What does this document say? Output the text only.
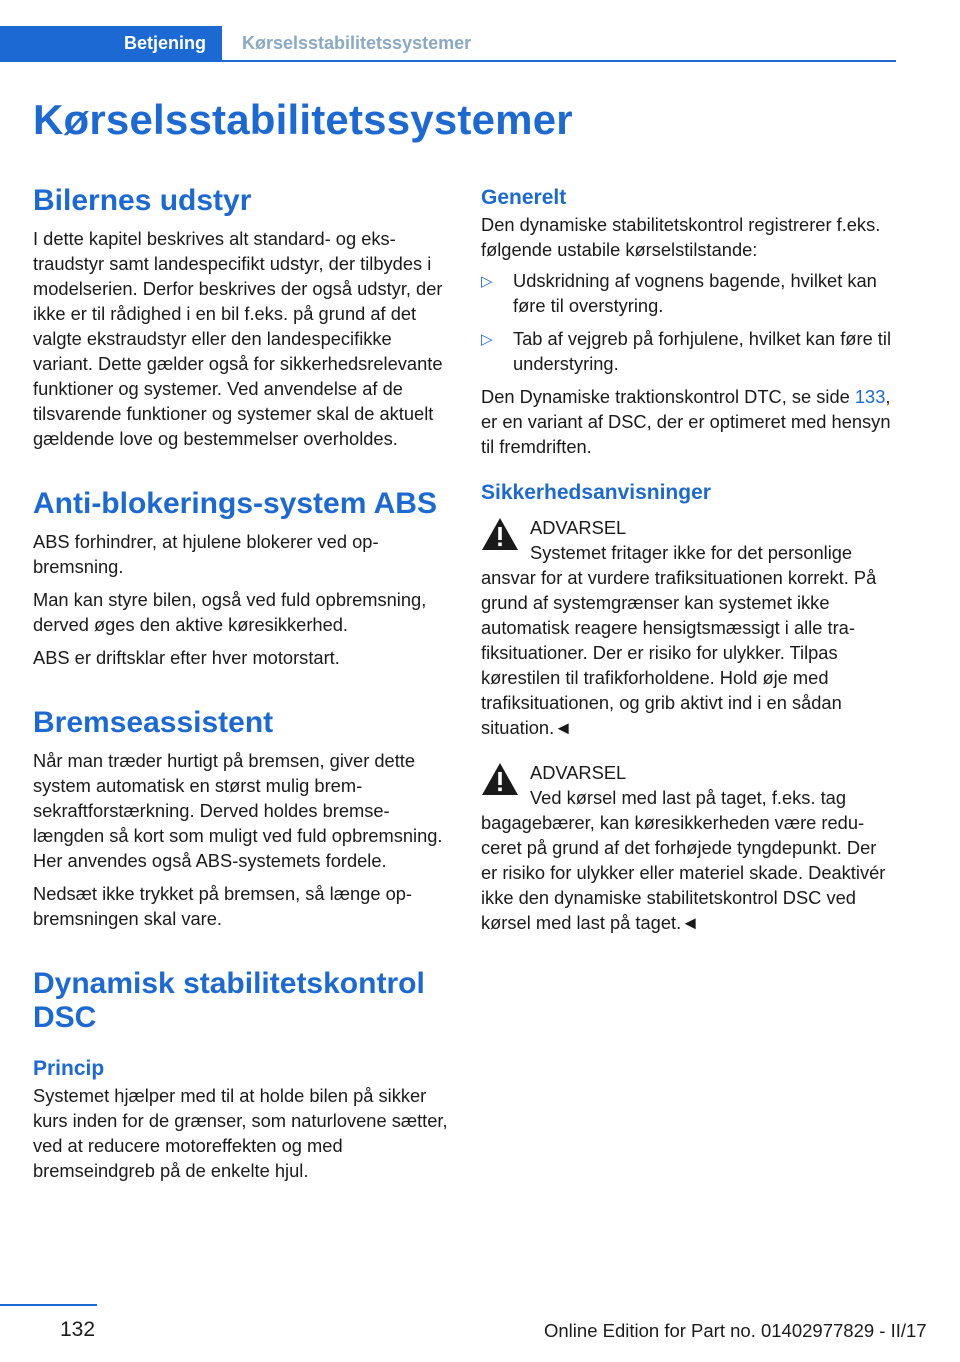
Betjening	Kørselsstabilitetssystemer
Kørselsstabilitetssystemer
Bilernes udstyr

I dette kapitel beskrives alt standard- og ekstraudstyr samt landespecifikt udstyr, der tilbydes i modelserien. Derfor beskrives der også udstyr, der ikke er til rådighed i en bil f.eks. på grund af det valgte ekstraudstyr eller den landespecifikke variant. Dette gælder også for sikkerhedsrelevante funktioner og systemer. Ved anvendelse af de tilsvarende funktioner og systemer skal de aktuelt gældende love og bestemmelser overholdes.

Anti-blokerings-system ABS

ABS forhindrer, at hjulene blokerer ved opbremsning.

Man kan styre bilen, også ved fuld opbremsning, derved øges den aktive køresikkerhed.

ABS er driftsklar efter hver motorstart.

Bremseassistent

Når man træder hurtigt på bremsen, giver dette system automatisk en størst mulig bremsekraftforstærkning. Derved holdes bremselængden så kort som muligt ved fuld opbremsning. Her anvendes også ABS-systemets fordele.

Nedsæt ikke trykket på bremsen, så længe opbremsningen skal vare.

Dynamisk stabilitetskontrol DSC
Princip

Systemet hjælper med til at holde bilen på sikker kurs inden for de grænser, som naturlovene sætter, ved at reducere motoreffekten og med bremseindgreb på de enkelte hjul.

Generelt

Den dynamiske stabilitetskontrol registrerer f.eks. følgende ustabile kørselstilstande:

▷ Udskridning af vognens bagende, hvilket kan føre til overstyring.
▷ Tab af vejgreb på forhjulene, hvilket kan føre til understyring.

Den Dynamiske traktionskontrol DTC, se side 133, er en variant af DSC, der er optimeret med hensyn til fremdriften.

Sikkerhedsanvisninger
ADVARSEL
Systemet fritager ikke for det personlige
ansvar for at vurdere trafiksituationen korrekt. På grund af systemgrænser kan systemet ikke automatisk reagere hensigtsmæssigt i alle trafiksituationer. Der er risiko for ulykker. Tilpas kørestilen til trafikforholdene. Hold øje med trafiksituationen, og grib aktivt ind i en sådan situation.◄
ADVARSEL
Ved kørsel med last på taget, f.eks. tag
bagagebærer, kan køresikkerheden være reduceret på grund af det forhøjede tyngdepunkt. Der er risiko for ulykker eller materiel skade. Deaktivér ikke den dynamiske stabilitetskontrol DSC ved kørsel med last på taget.◄
132	Online Edition for Part no. 01402977829 - II/17
